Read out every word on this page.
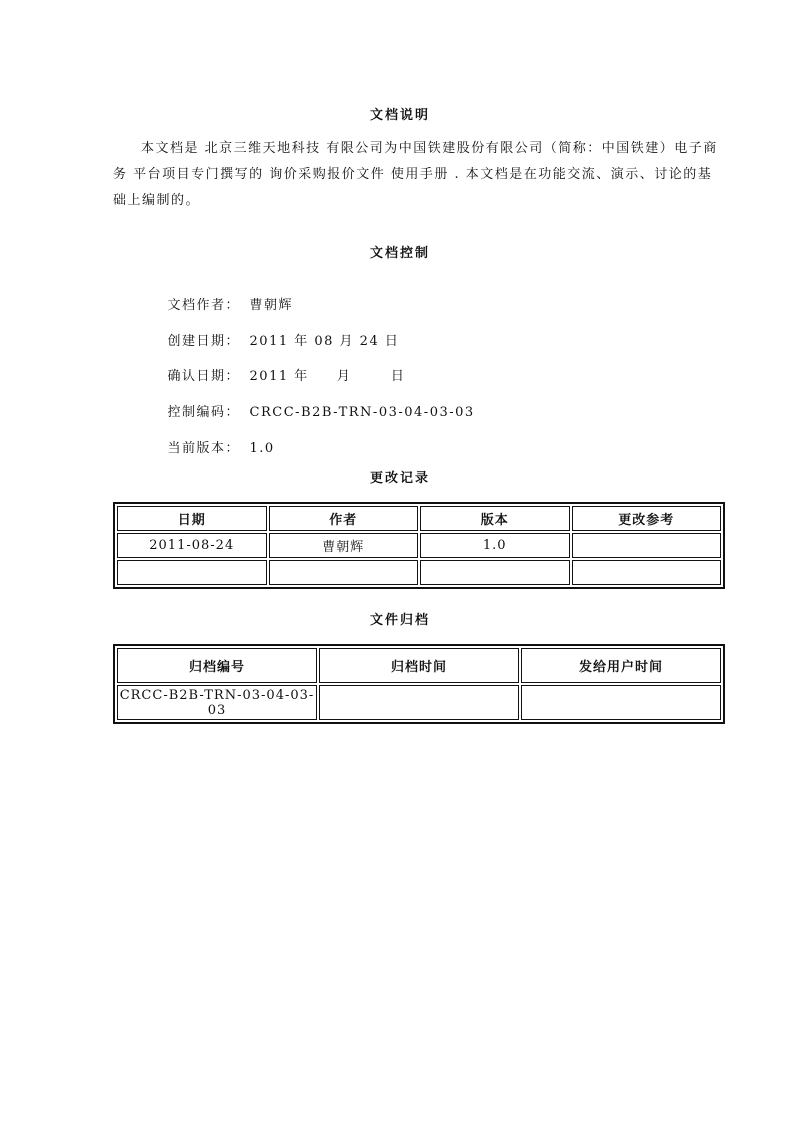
文档说明
本文档是 北京三维天地科技 有限公司为中国铁建股份有限公司（简称：中国铁建）电子商务 平台项目专门撰写的 询价采购报价文件 使用手册 . 本文档是在功能交流、演示、讨论的基础上编制的。
文档控制

文档作者： 曹朝辉

创建日期： 2011 年 08 月 24 日

确认日期： 2011 年     月       日

控制编码： CRCC-B2B-TRN-03-04-03-03

当前版本： 1.0

更改记录
日期	作者	版本	更改参考
2011-08-24	曹朝辉	1.0	

文件归档
归档编号	归档时间	发给用户时间
CRCC-B2B-TRN-03-04-03-03		
